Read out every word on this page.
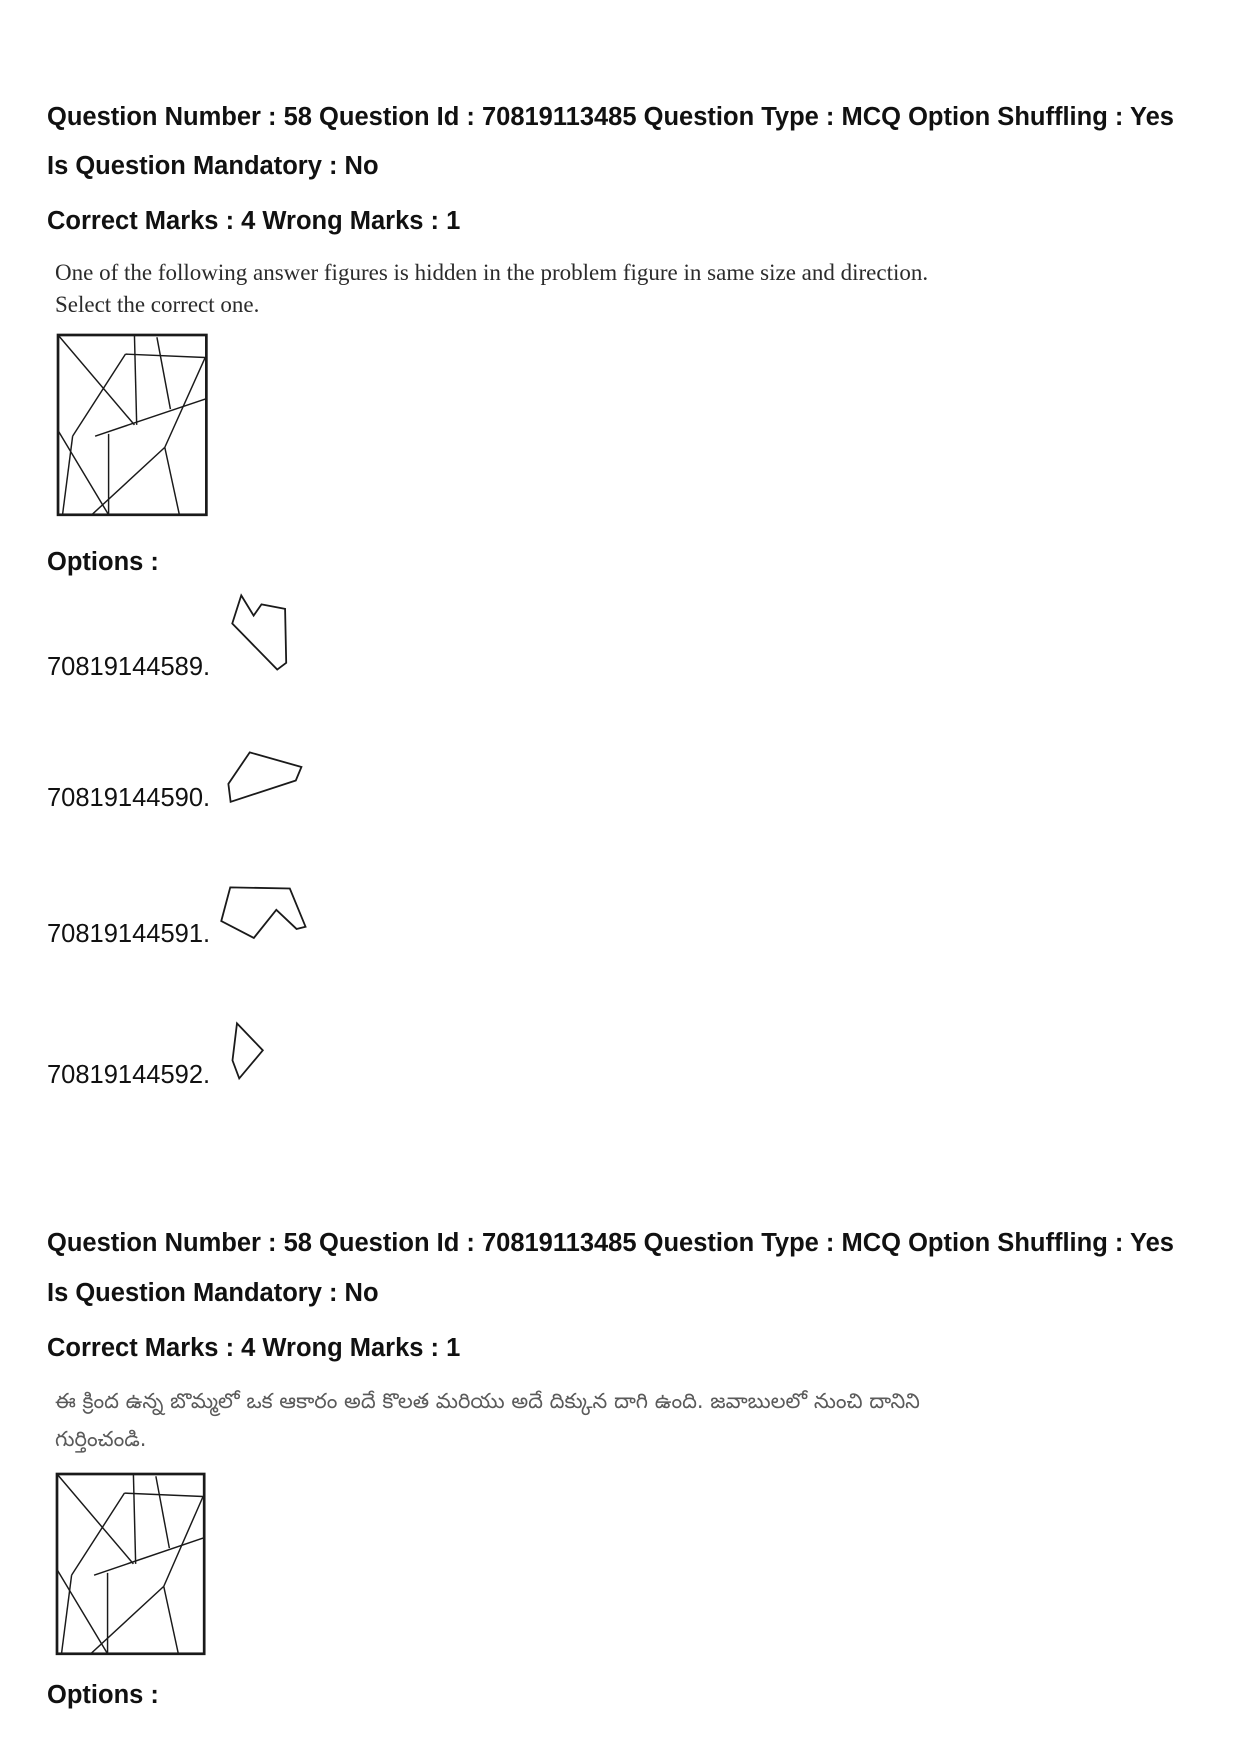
Question Number : 58 Question Id : 70819113485 Question Type : MCQ Option Shuffling : Yes
Is Question Mandatory : No
Correct Marks : 4 Wrong Marks : 1
One of the following answer figures is hidden in the problem figure in same size and direction.
Select the correct one.
Options :
70819144589.
70819144590.
70819144591.
70819144592.
Question Number : 58 Question Id : 70819113485 Question Type : MCQ Option Shuffling : Yes
Is Question Mandatory : No
Correct Marks : 4 Wrong Marks : 1
ఈ క్రింద ఉన్న బొమ్మలో ఒక ఆకారం అదే కొలత మరియు అదే దిక్కున దాగి ఉంది. జవాబులలో నుంచి దానిని
గుర్తించండి.
Options :
